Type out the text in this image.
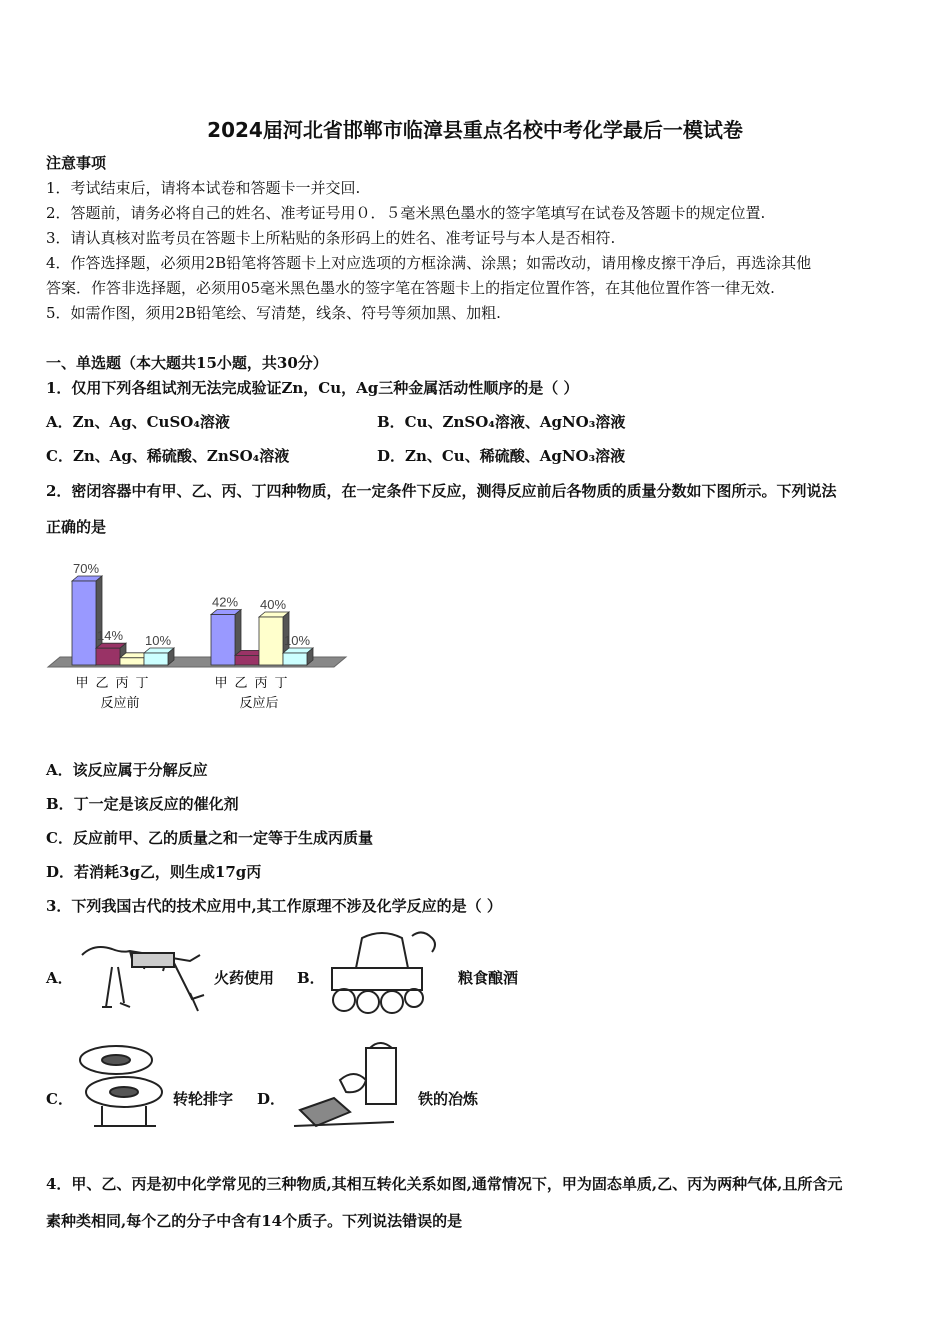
2024届河北省邯郸市临漳县重点名校中考化学最后一模试卷
注意事项
1．考试结束后，请将本试卷和答题卡一并交回.
2．答题前，请务必将自己的姓名、准考证号用０．５毫米黑色墨水的签字笔填写在试卷及答题卡的规定位置.
3．请认真核对监考员在答题卡上所粘贴的条形码上的姓名、准考证号与本人是否相符.
4．作答选择题，必须用2B铅笔将答题卡上对应选项的方框涂满、涂黑；如需改动，请用橡皮擦干净后，再选涂其他
答案．作答非选择题，必须用05毫米黑色墨水的签字笔在答题卡上的指定位置作答，在其他位置作答一律无效.
5．如需作图，须用2B铅笔绘、写清楚，线条、符号等须加黑、加粗.
一、单选题（本大题共15小题，共30分）
1．仅用下列各组试剂无法完成验证Zn，Cu，Ag三种金属活动性顺序的是（ ）
A．Zn、Ag、CuSO₄溶液	B．Cu、ZnSO₄溶液、AgNO₃溶液
C．Zn、Ag、稀硫酸、ZnSO₄溶液	D．Zn、Cu、稀硫酸、AgNO₃溶液
2．密闭容器中有甲、乙、丙、丁四种物质，在一定条件下反应，测得反应前后各物质的质量分数如下图所示。下列说法
正确的是
70%
14% 10%
甲 乙 丙 丁
反应前
42% 40%
10%
甲 乙 丙 丁
反应后
A．该反应属于分解反应
B．丁一定是该反应的催化剂
C．反应前甲、乙的质量之和一定等于生成丙质量
D．若消耗3g乙，则生成17g丙
3．下列我国古代的技术应用中,其工作原理不涉及化学反应的是（ ）
A．	火药使用 B．	粮食酿酒
C．	转轮排字 D．	铁的冶炼
4．甲、乙、丙是初中化学常见的三种物质,其相互转化关系如图,通常情况下，甲为固态单质,乙、丙为两种气体,且所含元
素种类相同,每个乙的分子中含有14个质子。下列说法错误的是
